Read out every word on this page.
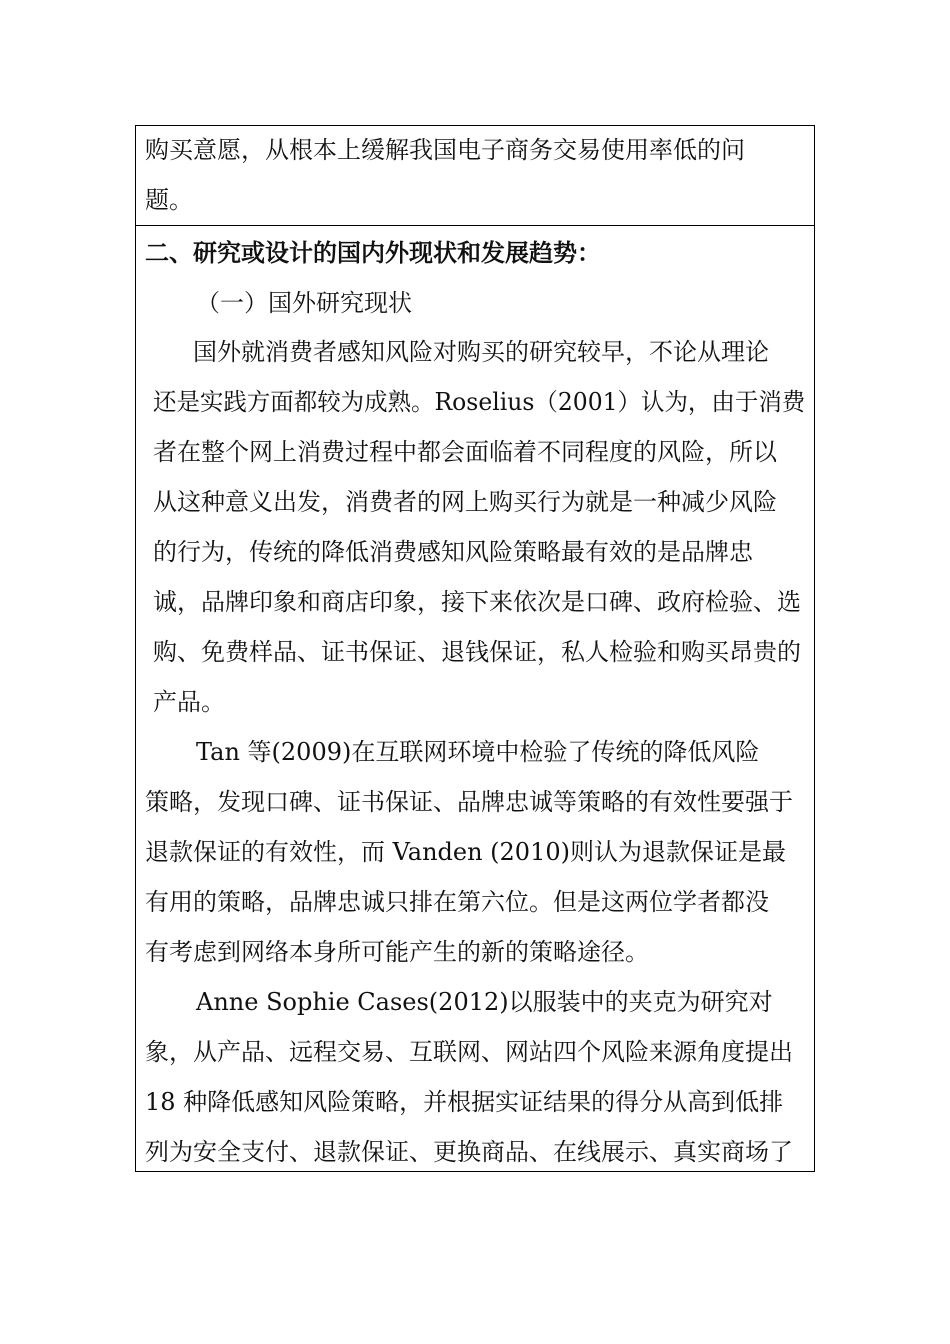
购买意愿，从根本上缓解我国电子商务交易使用率低的问
题。
二、研究或设计的国内外现状和发展趋势：
（一）国外研究现状
国外就消费者感知风险对购买的研究较早，不论从理论
还是实践方面都较为成熟。Roselius（2001）认为，由于消费
者在整个网上消费过程中都会面临着不同程度的风险，所以
从这种意义出发，消费者的网上购买行为就是一种减少风险
的行为，传统的降低消费感知风险策略最有效的是品牌忠
诚，品牌印象和商店印象，接下来依次是口碑、政府检验、选
购、免费样品、证书保证、退钱保证，私人检验和购买昂贵的
产品。
Tan 等(2009)在互联网环境中检验了传统的降低风险
策略，发现口碑、证书保证、品牌忠诚等策略的有效性要强于
退款保证的有效性，而 Vanden (2010)则认为退款保证是最
有用的策略，品牌忠诚只排在第六位。但是这两位学者都没
有考虑到网络本身所可能产生的新的策略途径。
Anne Sophie Cases(2012)以服装中的夹克为研究对
象，从产品、远程交易、互联网、网站四个风险来源角度提出
18 种降低感知风险策略，并根据实证结果的得分从高到低排
列为安全支付、退款保证、更换商品、在线展示、真实商场了
